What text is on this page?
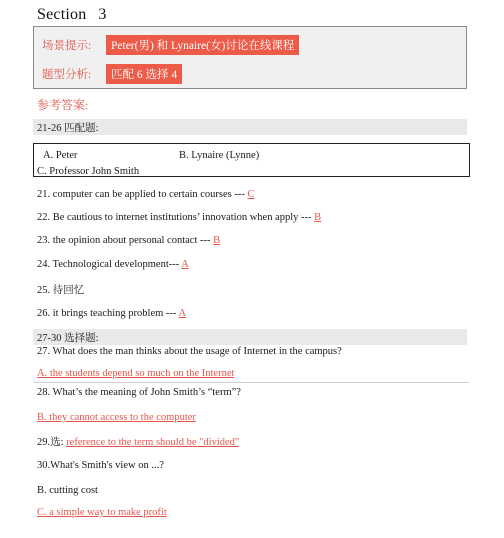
Section 3
场景提示:	Peter(男) 和 Lynaire(女)讨论在线课程
题型分析:	匹配 6 选择 4
参考答案:
21-26 匹配题:
A. Peter	B. Lynaire (Lynne)
C. Professor John Smith
21. computer can be applied to certain courses --- C
22. Be cautious to internet institutions’ innovation when apply --- B
23. the opinion about personal contact --- B
24. Technological development--- A
25. 待回忆
26. it brings teaching problem --- A
27-30 选择题:
27. What does the man thinks about the usage of Internet in the campus?
A. the students depend so much on the Internet
28. What’s the meaning of John Smith’s “term”?
B. they cannot access to the computer
29.选: reference to the term should be "divided"
30.What's Smith's view on ...?
B. cutting cost
C. a simple way to make profit
